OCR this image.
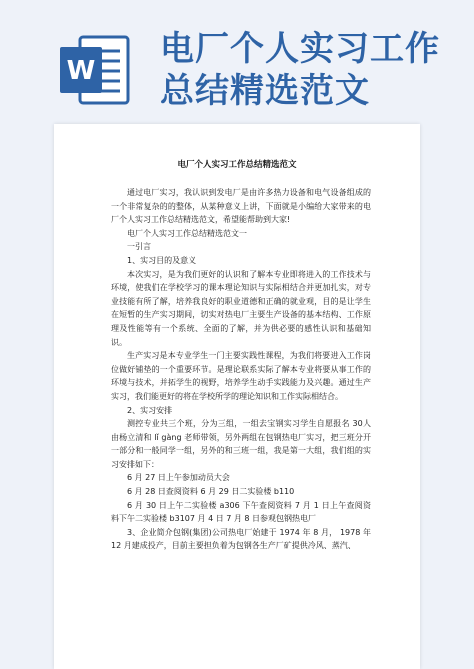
W
电厂个人实习工作
总结精选范文
电厂个人实习工作总结精选范文

通过电厂实习，我认识到发电厂是由许多热力设备和电气设备组成的一个非常复杂的的整体，从某种意义上讲，下面就是小编给大家带来的电厂个人实习工作总结精选范文，希望能帮助到大家!

电厂个人实习工作总结精选范文一

一引言

1、实习目的及意义

本次实习，是为我们更好的认识和了解本专业即将进入的工作技术与环境，使我们在学校学习的课本理论知识与实际相结合并更加扎实，对专业技能有所了解，培养我良好的职业道德和正确的就业观，目的是让学生在短暂的生产实习期间，切实对热电厂主要生产设备的基本结构、工作原理及性能等有一个系统、全面的了解，并为供必要的感性认识和基础知识。

生产实习是本专业学生一门主要实践性课程，为我们将要进入工作岗位做好铺垫的一个重要环节。是理论联系实际了解本专业将要从事工作的环境与技术，并拓学生的视野，培养学生动手实践能力及兴趣。通过生产实习，我们能更好的将在学校所学的理论知识和工作实际相结合。

2、实习安排

测控专业共三个班，分为三组，一组去宝钢实习学生自愿报名 30人由杨立清和 lǐ gàng 老师带领，另外两组在包钢热电厂实习，把三班分开一部分和一般同学一组，另外的和三班一组，我是第一大组，我们组的实习安排如下：

6 月 27 日上午参加动员大会

6 月 28 日查阅资料 6 月 29 日二实验楼 b110

6 月 30 日上午二实验楼 a306 下午查阅资料 7 月 1 日上午查阅资料下午二实验楼 b3107 月 4 日 7 月 8 日参观包钢热电厂

3、企业简介包钢(集团)公司热电厂始建于 1974 年 8 月， 1978 年 12 月建成投产，目前主要担负着为包钢各生产厂矿提供冷风、蒸汽、
